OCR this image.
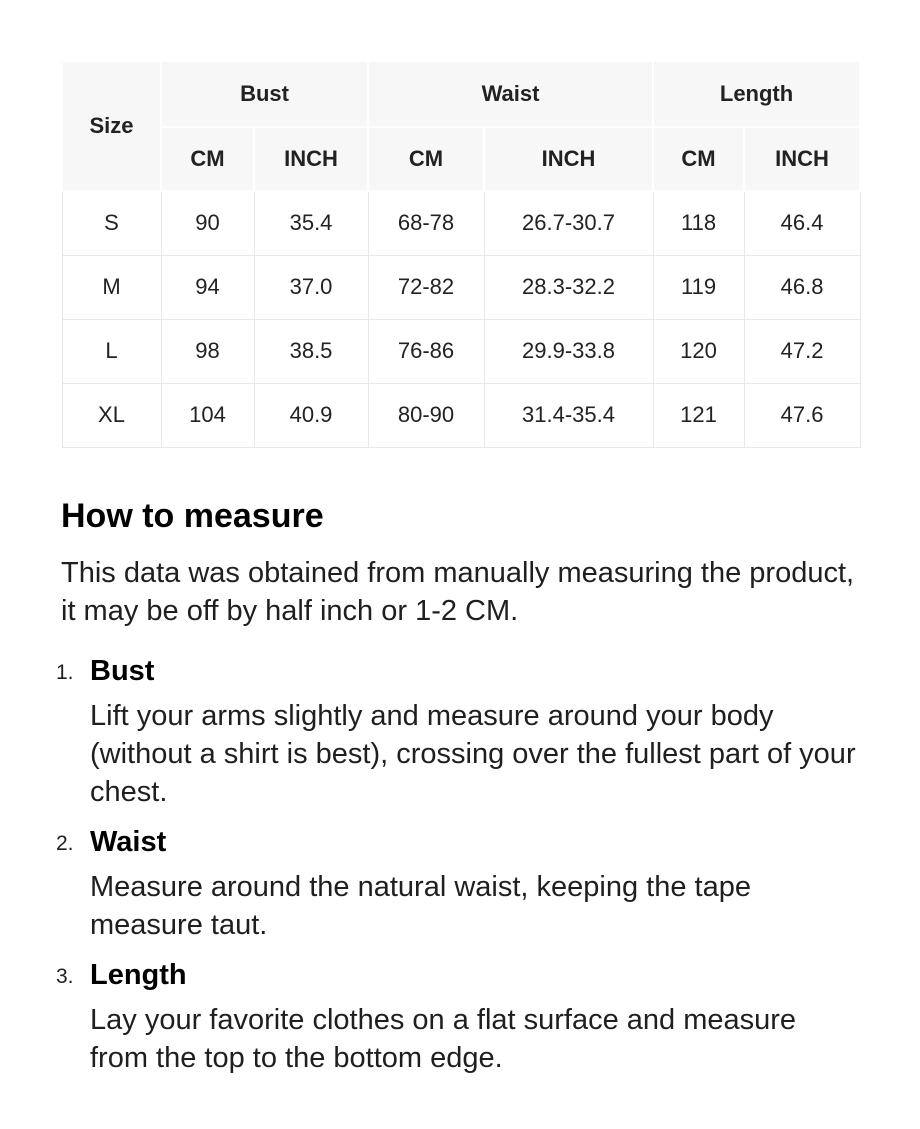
Size	Bust		Waist		Length	
	CM	INCH	CM	INCH	CM	INCH
S	90	35.4	68-78	26.7-30.7	118	46.4
M	94	37.0	72-82	28.3-32.2	119	46.8
L	98	38.5	76-86	29.9-33.8	120	47.2
XL	104	40.9	80-90	31.4-35.4	121	47.6
How to measure

This data was obtained from manually measuring the product, it may be off by half inch or 1-2 CM.

1. Bust

Lift your arms slightly and measure around your body (without a shirt is best), crossing over the fullest part of your chest.

2. Waist

Measure around the natural waist, keeping the tape measure taut.

3. Length

Lay your favorite clothes on a flat surface and measure from the top to the bottom edge.
